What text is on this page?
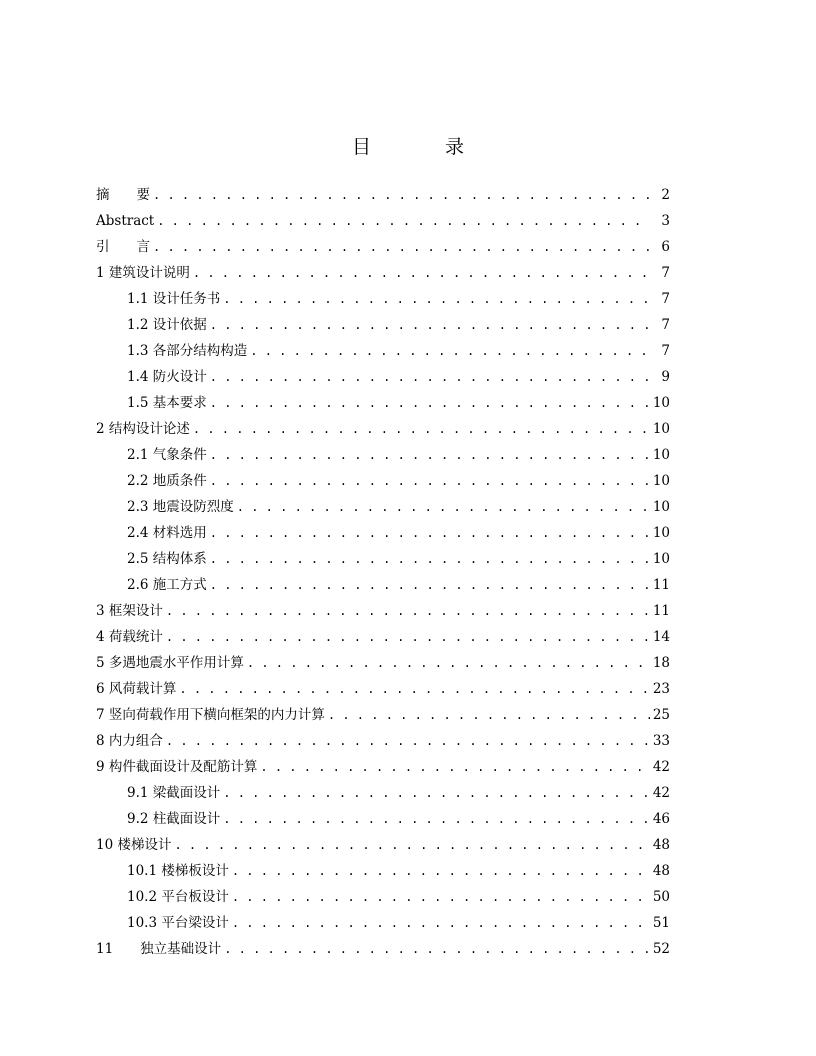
目 录
摘　　要 . . .	2
Abstract . . .	3
引　　言 . . .	6
1 建筑设计说明 . . .	7
1.1 设计任务书 . . .	7
1.2 设计依据 . . .	7
1.3 各部分结构构造 . . .	7
1.4 防火设计 . . .	9
1.5 基本要求 . . .	10
2 结构设计论述 . . .	10
2.1 气象条件 . . .	10
2.2 地质条件 . . .	10
2.3 地震设防烈度 . . .	10
2.4 材料选用 . . .	10
2.5 结构体系 . . .	10
2.6 施工方式 . . .	11
3 框架设计 . . .	11
4 荷载统计 . . .	14
5 多遇地震水平作用计算 . . .	18
6 风荷载计算 . . .	23
7 竖向荷载作用下横向框架的内力计算 . . .	25
8 内力组合 . . .	33
9 构件截面设计及配筋计算 . . .	42
9.1 梁截面设计 . . .	42
9.2 柱截面设计 . . .	46
10 楼梯设计 . . .	48
10.1 楼梯板设计 . . .	48
10.2 平台板设计 . . .	50
10.3 平台梁设计 . . .	51
11　　独立基础设计 . . .	52
